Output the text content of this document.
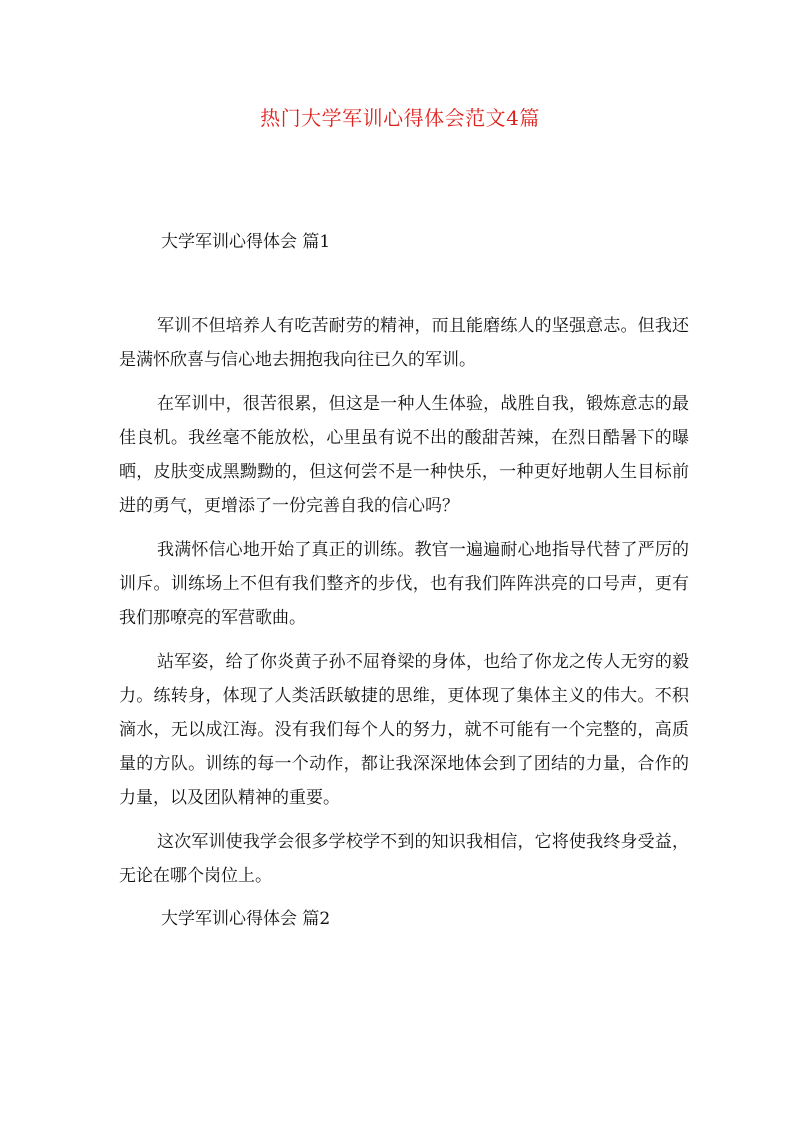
热门大学军训心得体会范文4篇

大学军训心得体会 篇1

军训不但培养人有吃苦耐劳的精神，而且能磨练人的坚强意志。但我还是满怀欣喜与信心地去拥抱我向往已久的军训。

在军训中，很苦很累，但这是一种人生体验，战胜自我，锻炼意志的最佳良机。我丝毫不能放松，心里虽有说不出的酸甜苦辣，在烈日酷暑下的曝晒，皮肤变成黑黝黝的，但这何尝不是一种快乐，一种更好地朝人生目标前进的勇气，更增添了一份完善自我的信心吗？

我满怀信心地开始了真正的训练。教官一遍遍耐心地指导代替了严厉的训斥。训练场上不但有我们整齐的步伐，也有我们阵阵洪亮的口号声，更有我们那嘹亮的军营歌曲。

站军姿，给了你炎黄子孙不屈脊梁的身体，也给了你龙之传人无穷的毅力。练转身，体现了人类活跃敏捷的思维，更体现了集体主义的伟大。不积滴水，无以成江海。没有我们每个人的努力，就不可能有一个完整的，高质量的方队。训练的每一个动作，都让我深深地体会到了团结的力量，合作的力量，以及团队精神的重要。

这次军训使我学会很多学校学不到的知识我相信，它将使我终身受益，无论在哪个岗位上。

大学军训心得体会 篇2
